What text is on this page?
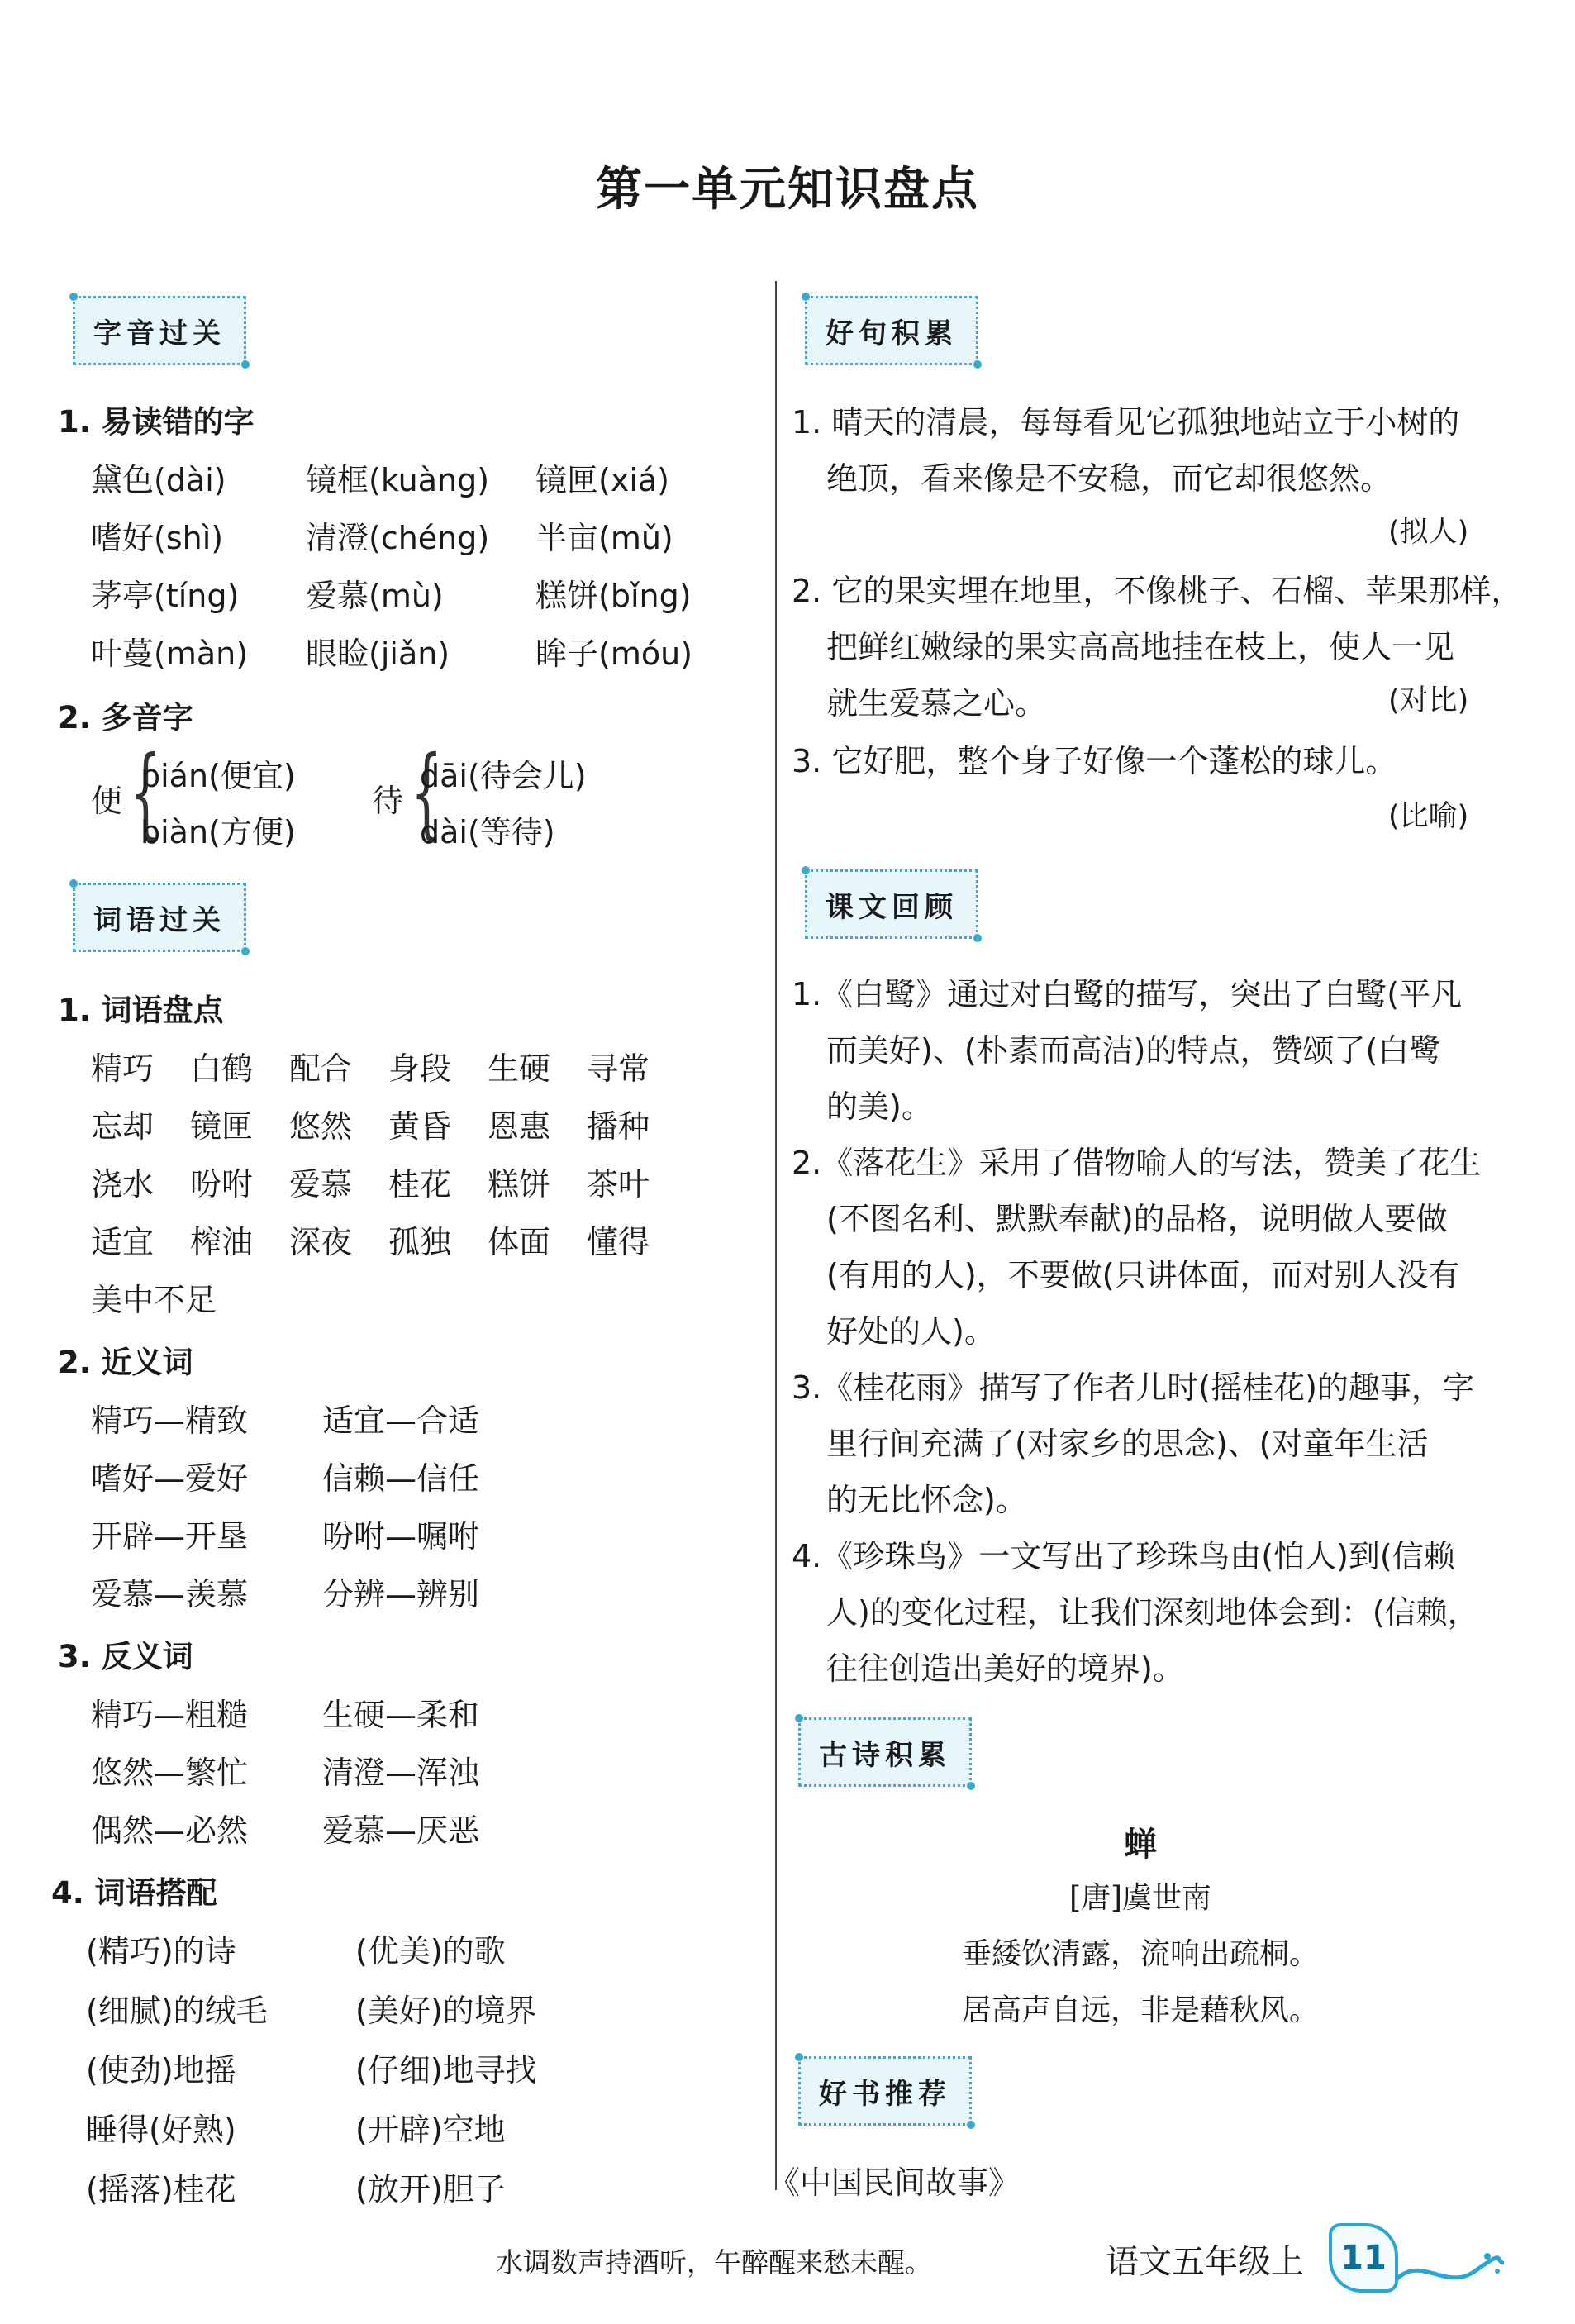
第一单元知识盘点
字音过关
1. 易读错的字
黛色(dài)	镜框(kuàng) 镜匣(xiá)
嗜好(shì)	清澄(chéng) 半亩(mǔ)
茅亭(tíng) 爱慕(mù)	糕饼(bǐng)
叶蔓(màn) 眼睑(jiǎn)	眸子(móu)
2. 多音字
便 {
pián(便宜)
biàn(方便)
待 {
dāi(待会儿)
dài(等待)
词语过关
1. 词语盘点
精巧 白鹤 配合 身段 生硬 寻常
忘却 镜匣 悠然 黄昏 恩惠 播种
浇水 吩咐 爱慕 桂花 糕饼 茶叶
适宜 榨油 深夜 孤独 体面 懂得
美中不足
2. 近义词
精巧—精致 适宜—合适
嗜好—爱好 信赖—信任
开辟—开垦 吩咐—嘱咐
爱慕—羡慕 分辨—辨别
3. 反义词
精巧—粗糙 生硬—柔和
悠然—繁忙 清澄—浑浊
偶然—必然 爱慕—厌恶
4. 词语搭配
(精巧)的诗	(优美)的歌
(细腻)的绒毛	(美好)的境界
(使劲)地摇	(仔细)地寻找
睡得(好熟)	(开辟)空地
(摇落)桂花	(放开)胆子
好句积累
1. 晴天的清晨，每每看见它孤独地站立于小树的
绝顶，看来像是不安稳，而它却很悠然。
(拟人)
2. 它的果实埋在地里，不像桃子、石榴、苹果那样，
把鲜红嫩绿的果实高高地挂在枝上，使人一见
就生爱慕之心。	(对比)
3. 它好肥，整个身子好像一个蓬松的球儿。
(比喻)
课文回顾
1.《白鹭》通过对白鹭的描写，突出了白鹭(平凡
而美好)、(朴素而高洁)的特点，赞颂了(白鹭
的美)。
2.《落花生》采用了借物喻人的写法，赞美了花生
(不图名利、默默奉献)的品格，说明做人要做
(有用的人)，不要做(只讲体面，而对别人没有
好处的人)。
3.《桂花雨》描写了作者儿时(摇桂花)的趣事，字
里行间充满了(对家乡的思念)、(对童年生活
的无比怀念)。
4.《珍珠鸟》一文写出了珍珠鸟由(怕人)到(信赖
人)的变化过程，让我们深刻地体会到：(信赖，
往往创造出美好的境界)。
古诗积累
蝉
[唐]虞世南
垂緌饮清露，流响出疏桐。
居高声自远，非是藉秋风。
好书推荐
《中国民间故事》
水调数声持酒听，午醉醒来愁未醒。	语文五年级上	11
